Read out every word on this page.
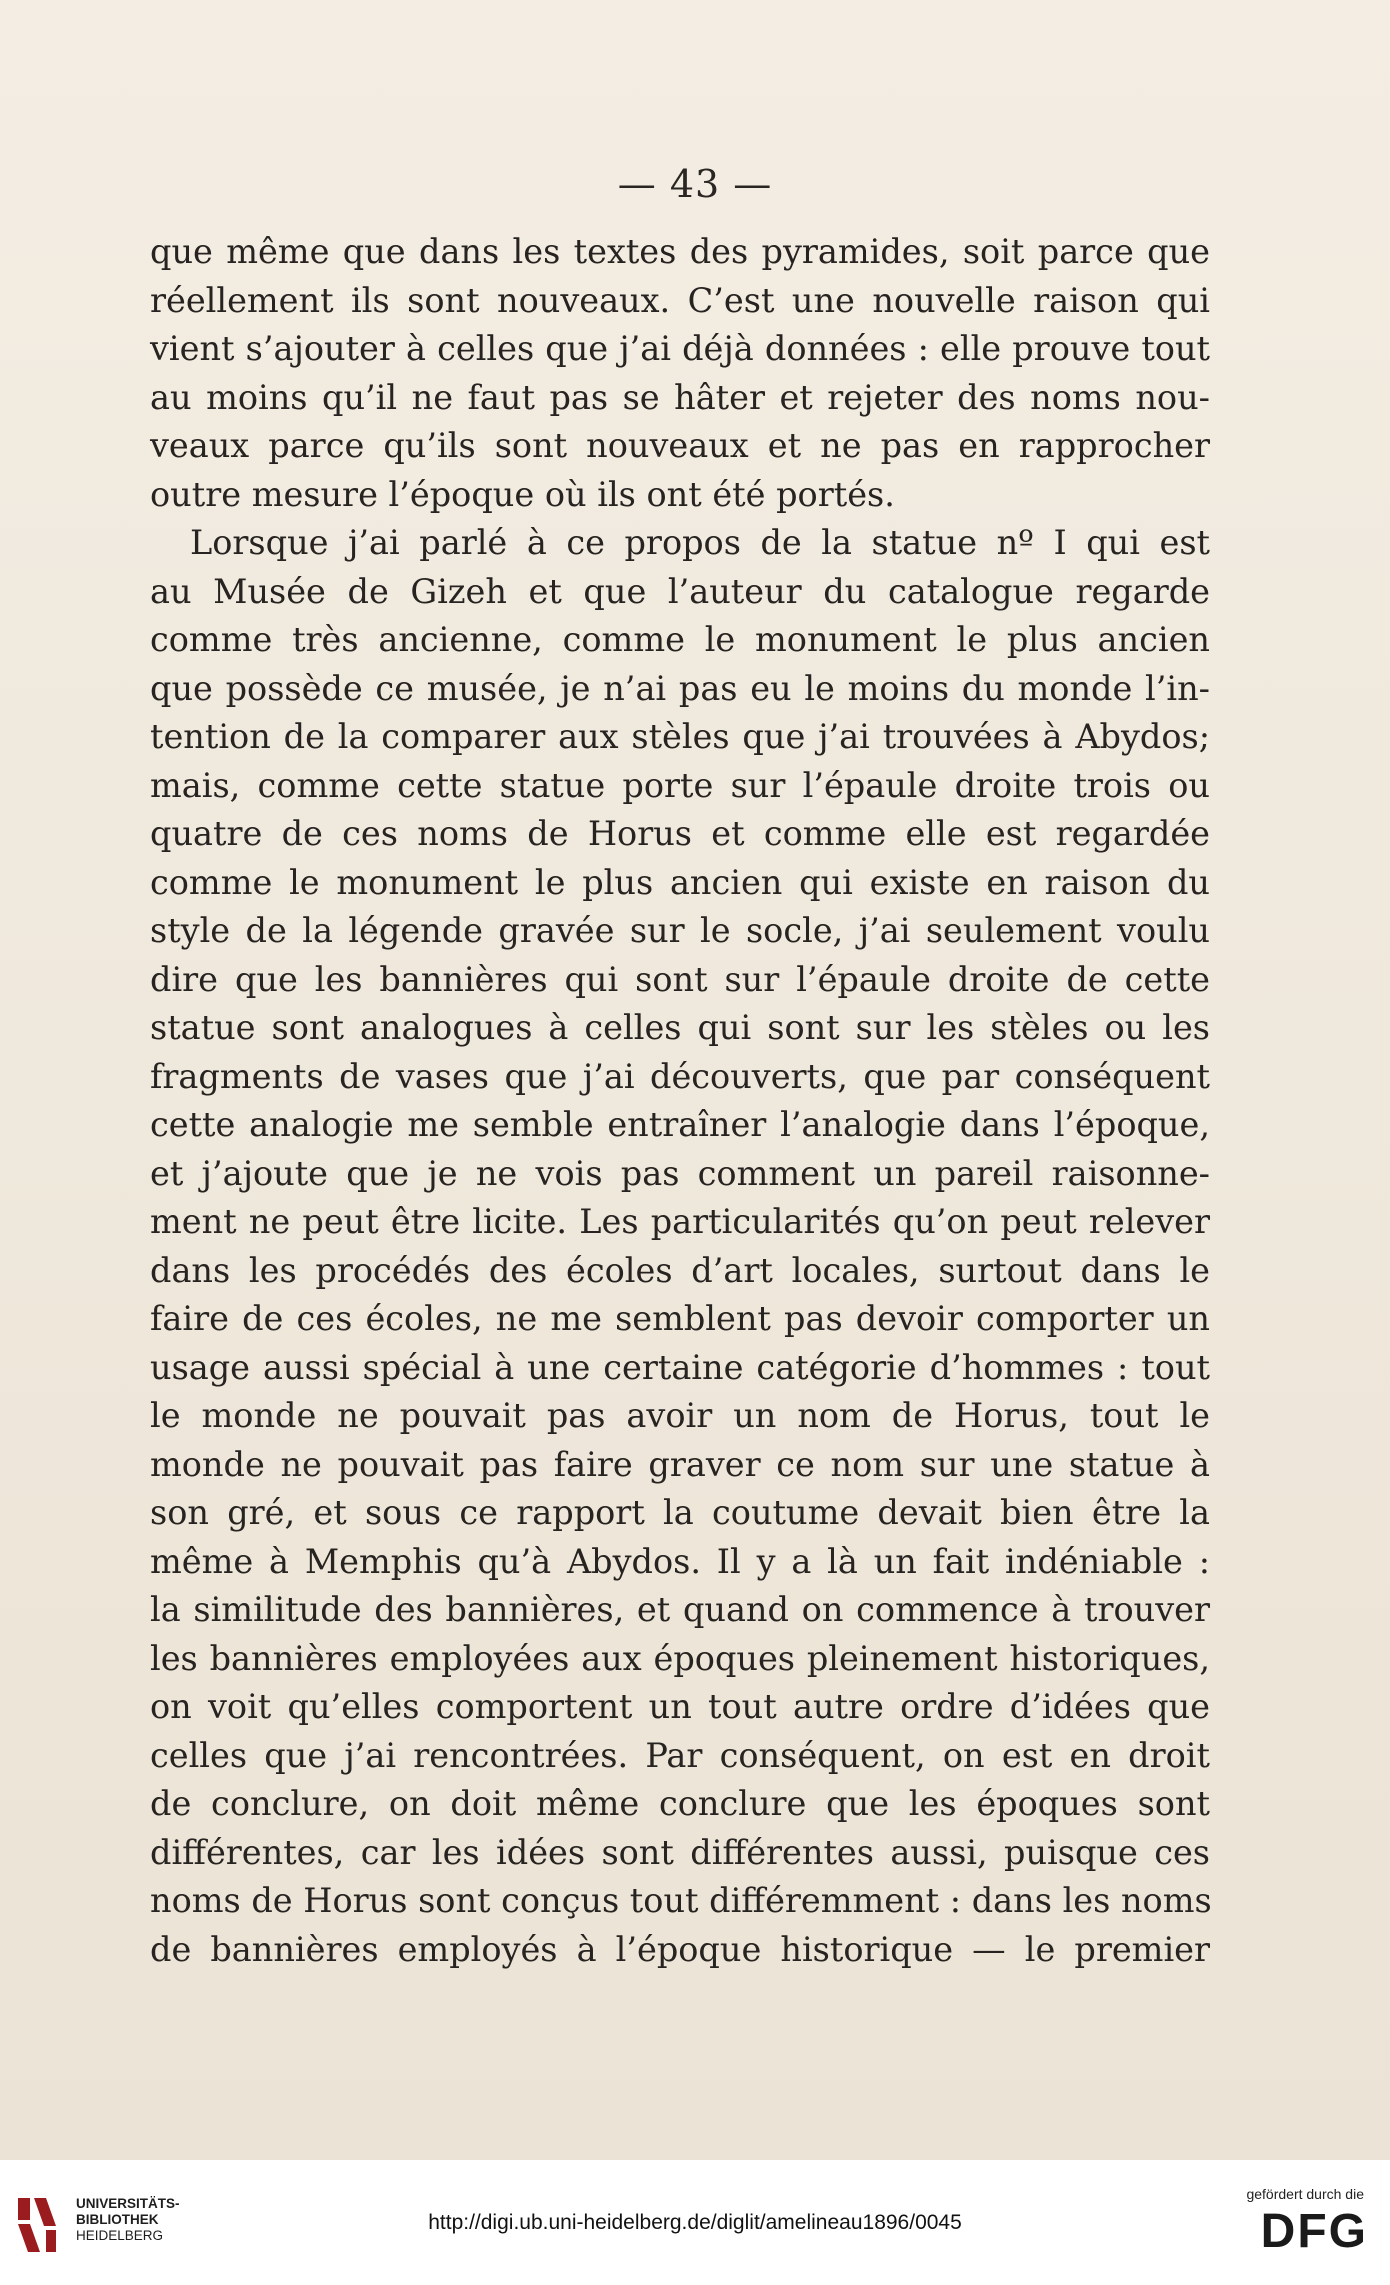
— 43 —
que même que dans les textes des pyramides, soit parce que
réellement ils sont nouveaux. C’est une nouvelle raison qui
vient s’ajouter à celles que j’ai déjà données : elle prouve tout
au moins qu’il ne faut pas se hâter et rejeter des noms nou-
veaux parce qu’ils sont nouveaux et ne pas en rapprocher
outre mesure l’époque où ils ont été portés.
Lorsque j’ai parlé à ce propos de la statue nº I qui est
au Musée de Gizeh et que l’auteur du catalogue regarde
comme très ancienne, comme le monument le plus ancien
que possède ce musée, je n’ai pas eu le moins du monde l’in-
tention de la comparer aux stèles que j’ai trouvées à Abydos;
mais, comme cette statue porte sur l’épaule droite trois ou
quatre de ces noms de Horus et comme elle est regardée
comme le monument le plus ancien qui existe en raison du
style de la légende gravée sur le socle, j’ai seulement voulu
dire que les bannières qui sont sur l’épaule droite de cette
statue sont analogues à celles qui sont sur les stèles ou les
fragments de vases que j’ai découverts, que par conséquent
cette analogie me semble entraîner l’analogie dans l’époque,
et j’ajoute que je ne vois pas comment un pareil raisonne-
ment ne peut être licite. Les particularités qu’on peut relever
dans les procédés des écoles d’art locales, surtout dans le
faire de ces écoles, ne me semblent pas devoir comporter un
usage aussi spécial à une certaine catégorie d’hommes : tout
le monde ne pouvait pas avoir un nom de Horus, tout le
monde ne pouvait pas faire graver ce nom sur une statue à
son gré, et sous ce rapport la coutume devait bien être la
même à Memphis qu’à Abydos. Il y a là un fait indéniable :
la similitude des bannières, et quand on commence à trouver
les bannières employées aux époques pleinement historiques,
on voit qu’elles comportent un tout autre ordre d’idées que
celles que j’ai rencontrées. Par conséquent, on est en droit
de conclure, on doit même conclure que les époques sont
différentes, car les idées sont différentes aussi, puisque ces
noms de Horus sont conçus tout différemment : dans les noms
de bannières employés à l’époque historique — le premier
UNIVERSITÄTS-
BIBLIOTHEK
HEIDELBERG
http://digi.ub.uni-heidelberg.de/diglit/amelineau1896/0045
gefördert durch die
DFG
